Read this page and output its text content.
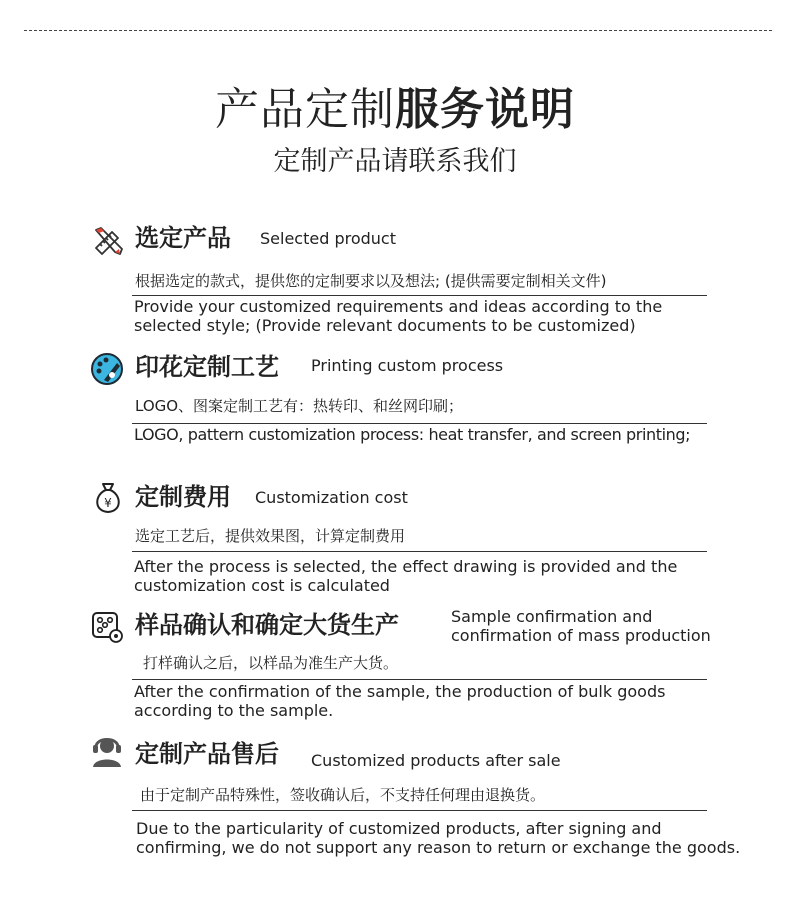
产品定制服务说明
定制产品请联系我们
选定产品 Selected product
根据选定的款式，提供您的定制要求以及想法; (提供需要定制相关文件)
Provide your customized requirements and ideas according to the selected style; (Provide relevant documents to be customized)
印花定制工艺 Printing custom process
LOGO、图案定制工艺有：热转印、和丝网印刷；
LOGO, pattern customization process: heat transfer, and screen printing;
¥ 定制费用 Customization cost
选定工艺后，提供效果图，计算定制费用
After the process is selected, the effect drawing is provided and the customization cost is calculated
样品确认和确定大货生产	Sample confirmation and
confirmation of mass production
打样确认之后，以样品为准生产大货。
After the confirmation of the sample, the production of bulk goods according to the sample.
定制产品售后 Customized products after sale
由于定制产品特殊性，签收确认后，不支持任何理由退换货。
Due to the particularity of customized products, after signing and confirming, we do not support any reason to return or exchange the goods.
